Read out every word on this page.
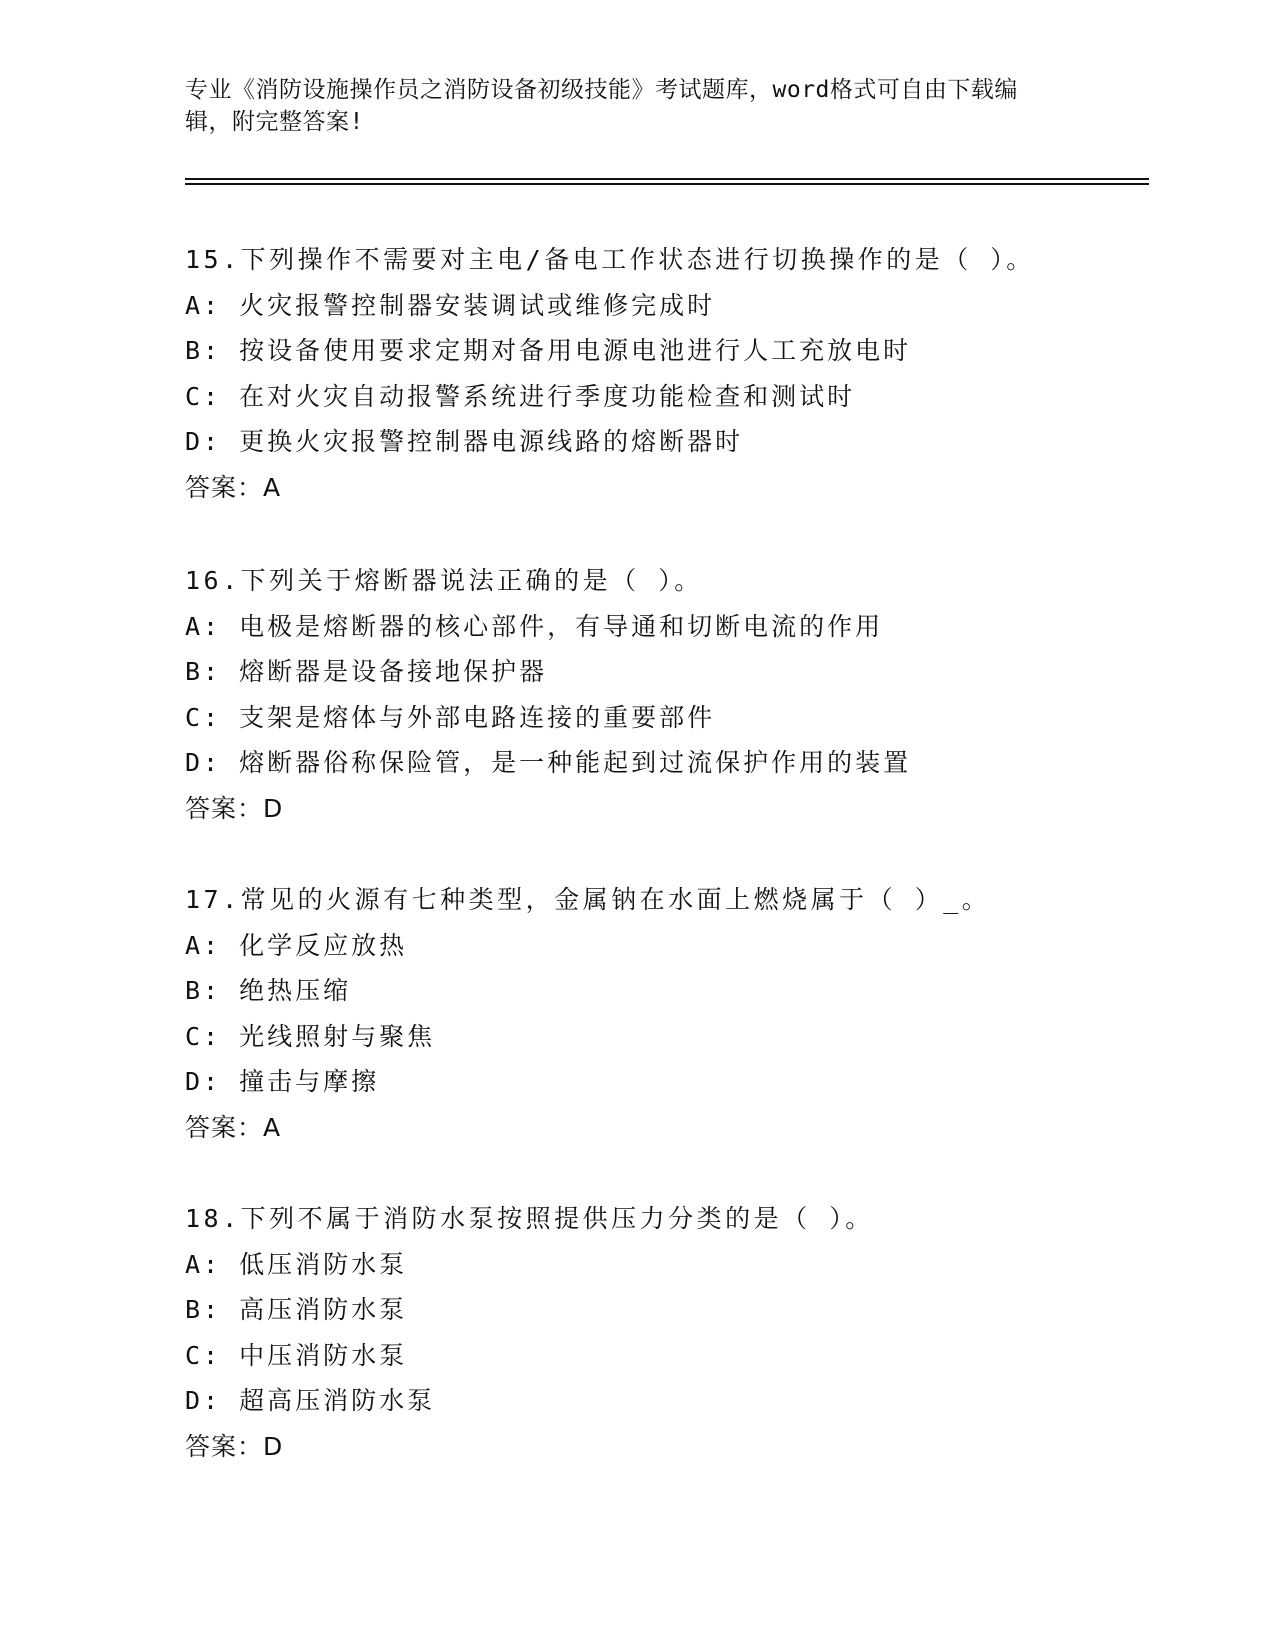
专业《消防设施操作员之消防设备初级技能》考试题库，word格式可自由下载编
辑，附完整答案!
15.下列操作不需要对主电/备电工作状态进行切换操作的是（ ）。
A: 火灾报警控制器安装调试或维修完成时
B: 按设备使用要求定期对备用电源电池进行人工充放电时
C: 在对火灾自动报警系统进行季度功能检查和测试时
D: 更换火灾报警控制器电源线路的熔断器时
答案：A
16.下列关于熔断器说法正确的是（ ）。
A: 电极是熔断器的核心部件，有导通和切断电流的作用
B: 熔断器是设备接地保护器
C: 支架是熔体与外部电路连接的重要部件
D: 熔断器俗称保险管，是一种能起到过流保护作用的装置
答案：D
17.常见的火源有七种类型，金属钠在水面上燃烧属于（ ）_。
A: 化学反应放热
B: 绝热压缩
C: 光线照射与聚焦
D: 撞击与摩擦
答案：A
18.下列不属于消防水泵按照提供压力分类的是（ ）。
A: 低压消防水泵
B: 高压消防水泵
C: 中压消防水泵
D: 超高压消防水泵
答案：D
